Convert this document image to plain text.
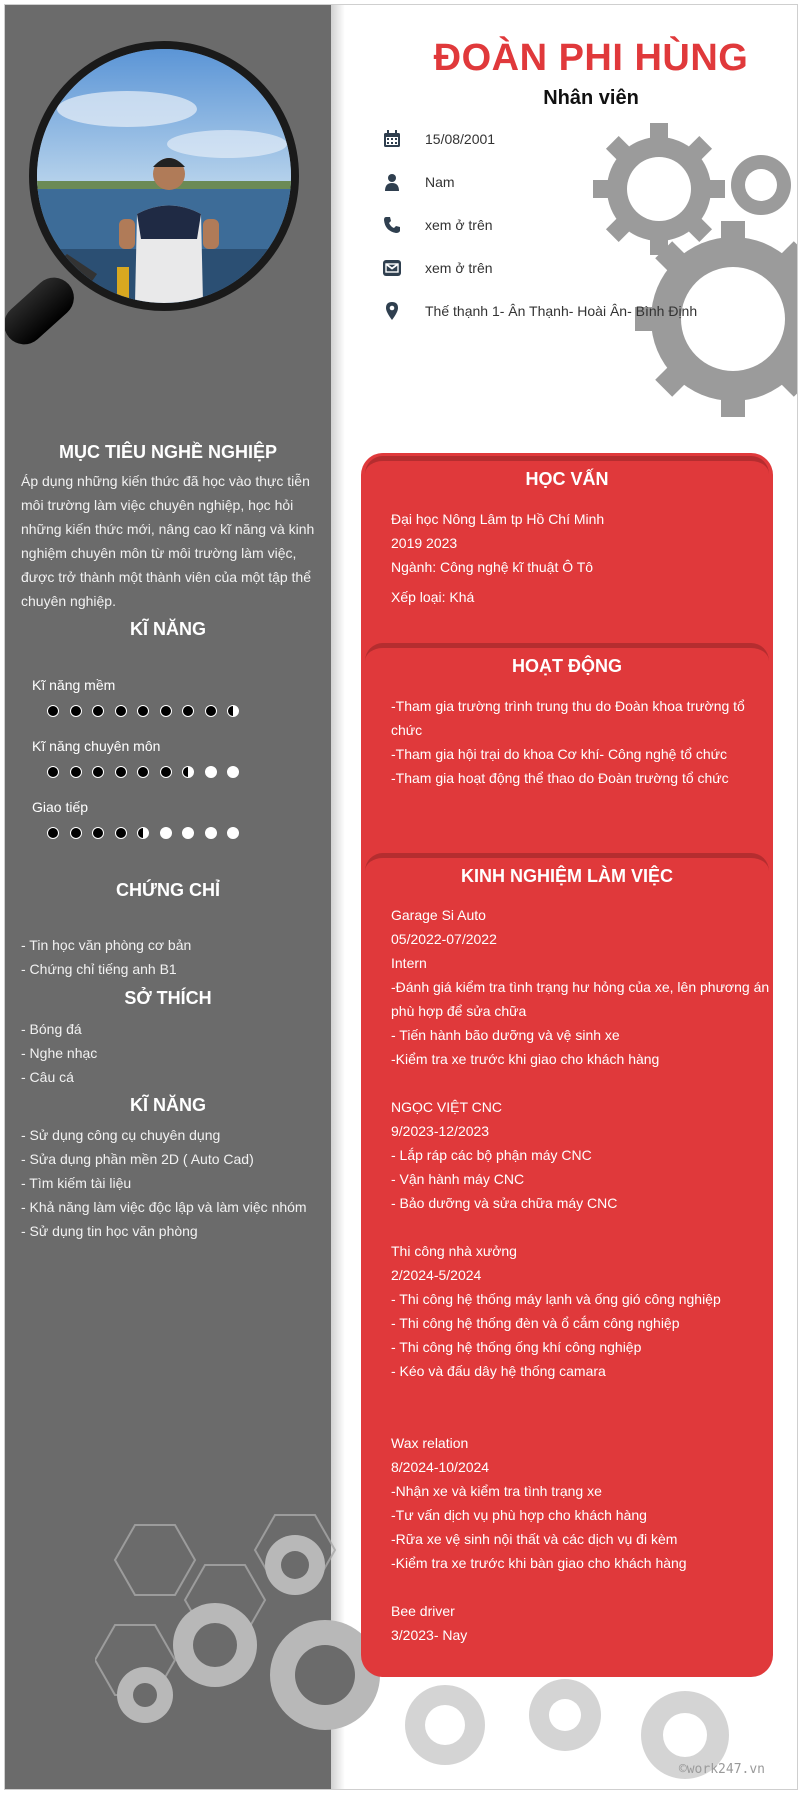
MỤC TIÊU NGHỀ NGHIỆP
Áp dụng những kiến thức đã học vào thực tiễn
môi trường làm việc chuyên nghiệp, học hỏi
những kiến thức mới, nâng cao kĩ năng và kinh
nghiệm chuyên môn từ môi trường làm việc,
được trở thành một thành viên của một tập thể
chuyên nghiệp.
KĨ NĂNG
Kĩ năng mềm
Kĩ năng chuyên môn
Giao tiếp
CHỨNG CHỈ
- Tin học văn phòng cơ bản
- Chứng chỉ tiếng anh B1
SỞ THÍCH
- Bóng đá
- Nghe nhạc
- Câu cá
KĨ NĂNG
- Sử dụng công cụ chuyên dụng
- Sửa dụng phần mền 2D ( Auto Cad)
- Tìm kiếm tài liệu
- Khả năng làm việc độc lập và làm việc nhóm
- Sử dụng tin học văn phòng
ĐOÀN PHI HÙNG
Nhân viên
15/08/2001
Nam
xem ở trên
xem ở trên
Thế thạnh 1- Ân Thạnh- Hoài Ân- Bình Định
HỌC VẤN
Đại học Nông Lâm tp Hồ Chí Minh
2019 2023
Ngành: Công nghệ kĩ thuật Ô Tô
Xếp loại: Khá
HOẠT ĐỘNG
-Tham gia trường trình trung thu do Đoàn khoa trường tổ
chức
-Tham gia hội trại do khoa Cơ khí- Công nghệ tổ chức
-Tham gia hoạt động thể thao do Đoàn trường tổ chức
KINH NGHIỆM LÀM VIỆC
Garage Si Auto
05/2022-07/2022
Intern
-Đánh giá kiểm tra tình trạng hư hỏng của xe, lên phương án
phù hợp để sửa chữa
- Tiến hành bão dưỡng và vệ sinh xe
-Kiểm tra xe trước khi giao cho khách hàng
NGỌC VIỆT CNC
9/2023-12/2023
- Lắp ráp các bộ phận máy CNC
- Vận hành máy CNC
- Bảo dưỡng và sửa chữa máy CNC
Thi công nhà xưởng
2/2024-5/2024
- Thi công hệ thống máy lạnh và ống gió công nghiệp
- Thi công hệ thống đèn và ổ cắm công nghiệp
- Thi công hệ thống ống khí công nghiệp
- Kéo và đấu dây hệ thống camara
Wax relation
8/2024-10/2024
-Nhận xe và kiểm tra tình trạng xe
-Tư vấn dịch vụ phù hợp cho khách hàng
-Rữa xe vệ sinh nội thất và các dịch vụ đi kèm
-Kiểm tra xe trước khi bàn giao cho khách hàng
Bee driver
3/2023- Nay
©work247.vn
